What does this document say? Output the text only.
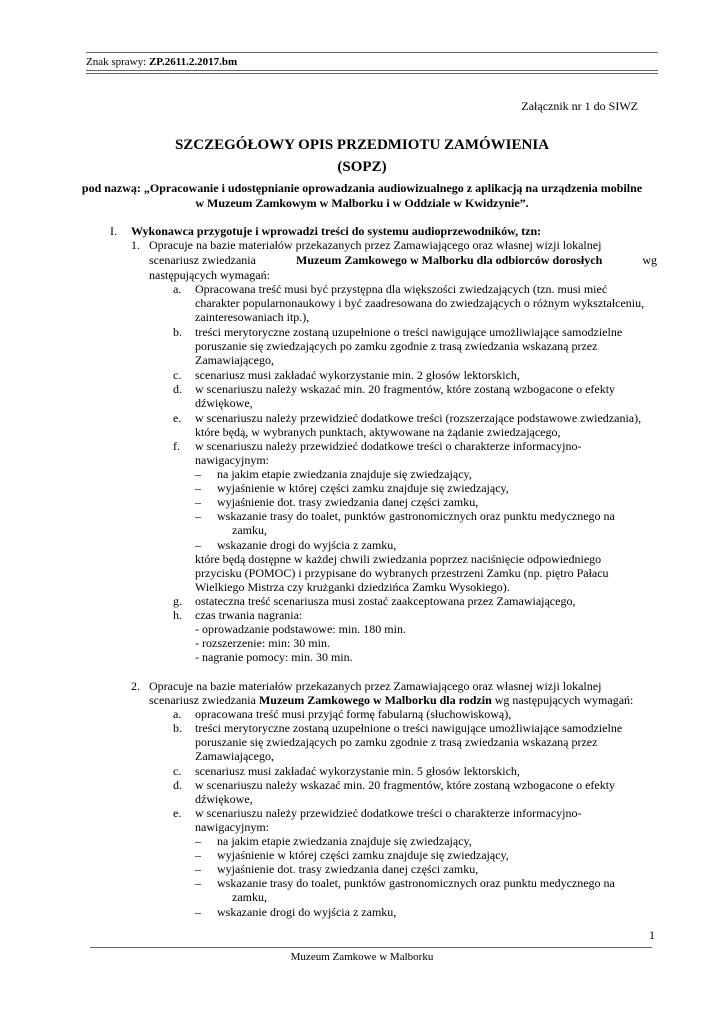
Znak sprawy: ZP.2611.2.2017.bm
Załącznik nr 1 do SIWZ
SZCZEGÓŁOWY OPIS PRZEDMIOTU ZAMÓWIENIA
(SOPZ)
pod nazwą: „Opracowanie i udostępnianie oprowadzania audiowizualnego z aplikacją na urządzenia mobilne
w Muzeum Zamkowym w Malborku i w Oddziale w Kwidzynie”.
I. Wykonawca przygotuje i wprowadzi treści do systemu audioprzewodników, tzn:
1. Opracuje na bazie materiałów przekazanych przez Zamawiającego oraz własnej wizji lokalnej
scenariusz zwiedzania	Muzeum Zamkowego w Malborku dla odbiorców dorosłych	wg
następujących wymagań:
a. Opracowana treść musi być przystępna dla większości zwiedzających (tzn. musi mieć
charakter popularnonaukowy i być zaadresowana do zwiedzających o różnym wykształceniu,
zainteresowaniach itp.),
b. treści merytoryczne zostaną uzupełnione o treści nawigujące umożliwiające samodzielne
poruszanie się zwiedzających po zamku zgodnie z trasą zwiedzania wskazaną przez
Zamawiającego,
c. scenariusz musi zakładać wykorzystanie min. 2 głosów lektorskich,
d. w scenariuszu należy wskazać min. 20 fragmentów, które zostaną wzbogacone o efekty
dźwiękowe,
e. w scenariuszu należy przewidzieć dodatkowe treści (rozszerzające podstawowe zwiedzania),
które będą, w wybranych punktach, aktywowane na żądanie zwiedzającego,
f. w scenariuszu należy przewidzieć dodatkowe treści o charakterze informacyjno-
nawigacyjnym:
– na jakim etapie zwiedzania znajduje się zwiedzający,
– wyjaśnienie w której części zamku znajduje się zwiedzający,
– wyjaśnienie dot. trasy zwiedzania danej części zamku,
– wskazanie trasy do toalet, punktów gastronomicznych oraz punktu medycznego na
zamku,
– wskazanie drogi do wyjścia z zamku,
które będą dostępne w każdej chwili zwiedzania poprzez naciśnięcie odpowiedniego
przycisku (POMOC) i przypisane do wybranych przestrzeni Zamku (np. piętro Pałacu
Wielkiego Mistrza czy krużganki dziedzińca Zamku Wysokiego).
g. ostateczna treść scenariusza musi zostać zaakceptowana przez Zamawiającego,
h. czas trwania nagrania:
- oprowadzanie podstawowe: min. 180 min.
- rozszerzenie: min: 30 min.
- nagranie pomocy: min. 30 min.
2. Opracuje na bazie materiałów przekazanych przez Zamawiającego oraz własnej wizji lokalnej
scenariusz zwiedzania Muzeum Zamkowego w Malborku dla rodzin wg następujących wymagań:
a. opracowana treść musi przyjąć formę fabularną (słuchowiskową),
b. treści merytoryczne zostaną uzupełnione o treści nawigujące umożliwiające samodzielne
poruszanie się zwiedzających po zamku zgodnie z trasą zwiedzania wskazaną przez
Zamawiającego,
c. scenariusz musi zakładać wykorzystanie min. 5 głosów lektorskich,
d. w scenariuszu należy wskazać min. 20 fragmentów, które zostaną wzbogacone o efekty
dźwiękowe,
e. w scenariuszu należy przewidzieć dodatkowe treści o charakterze informacyjno-
nawigacyjnym:
– na jakim etapie zwiedzania znajduje się zwiedzający,
– wyjaśnienie w której części zamku znajduje się zwiedzający,
– wyjaśnienie dot. trasy zwiedzania danej części zamku,
– wskazanie trasy do toalet, punktów gastronomicznych oraz punktu medycznego na
zamku,
– wskazanie drogi do wyjścia z zamku,
1
Muzeum Zamkowe w Malborku
